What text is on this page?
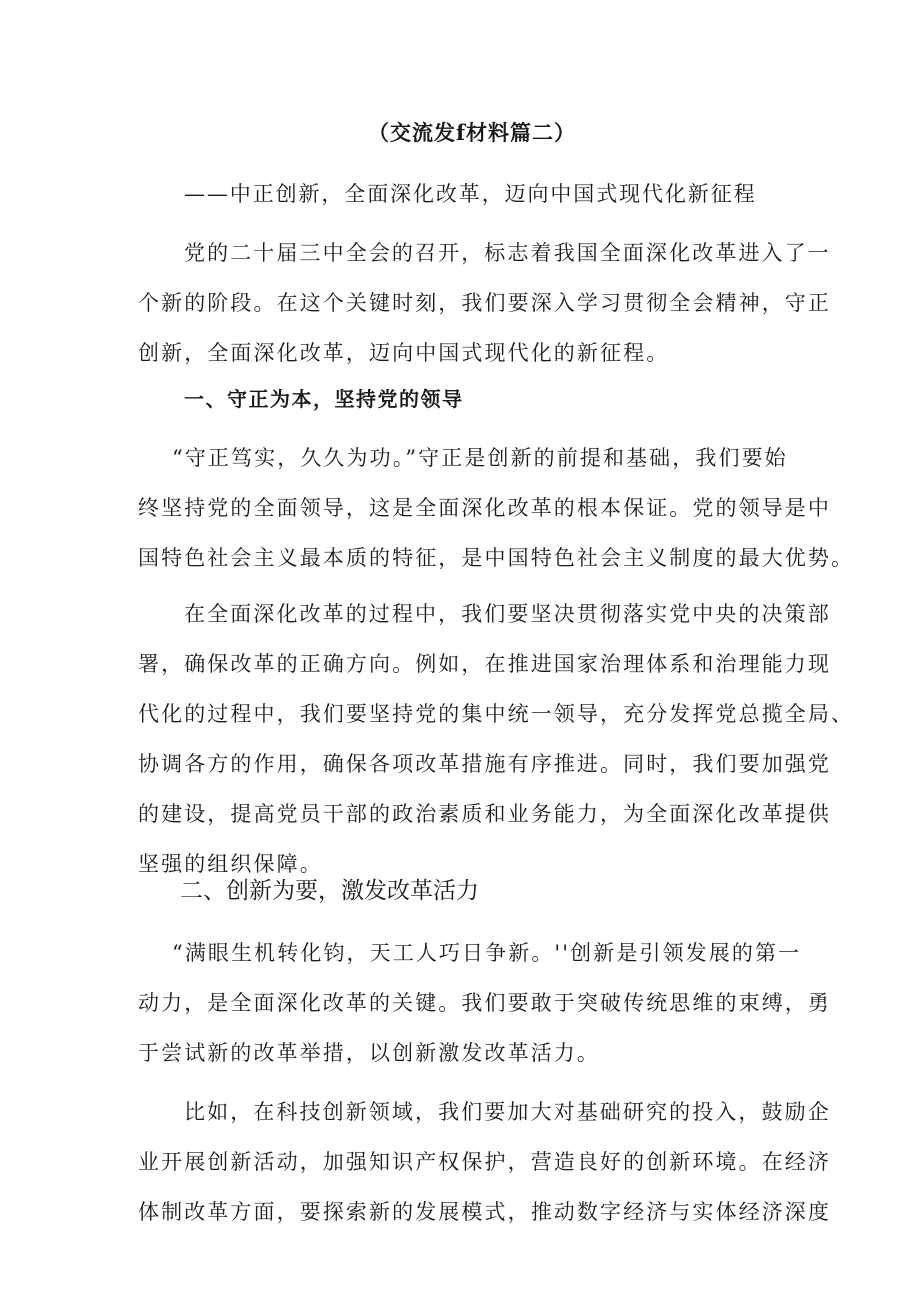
（交流发f材料篇二）
——中正创新，全面深化改革，迈向中国式现代化新征程
党的二十届三中全会的召开，标志着我国全面深化改革进入了一
个新的阶段。在这个关键时刻，我们要深入学习贯彻全会精神，守正
创新，全面深化改革，迈向中国式现代化的新征程。
一、守正为本，坚持党的领导
“守正笃实，久久为功。”守正是创新的前提和基础，我们要始
终坚持党的全面领导，这是全面深化改革的根本保证。党的领导是中
国特色社会主义最本质的特征，是中国特色社会主义制度的最大优势。
在全面深化改革的过程中，我们要坚决贯彻落实党中央的决策部
署，确保改革的正确方向。例如，在推进国家治理体系和治理能力现
代化的过程中，我们要坚持党的集中统一领导，充分发挥党总揽全局、
协调各方的作用，确保各项改革措施有序推进。同时，我们要加强党
的建设，提高党员干部的政治素质和业务能力，为全面深化改革提供
坚强的组织保障。
二、创新为要，激发改革活力
“满眼生机转化钧，天工人巧日争新。''创新是引领发展的第一
动力，是全面深化改革的关键。我们要敢于突破传统思维的束缚，勇
于尝试新的改革举措，以创新激发改革活力。
比如，在科技创新领域，我们要加大对基础研究的投入，鼓励企
业开展创新活动，加强知识产权保护，营造良好的创新环境。在经济
体制改革方面，要探索新的发展模式，推动数字经济与实体经济深度
